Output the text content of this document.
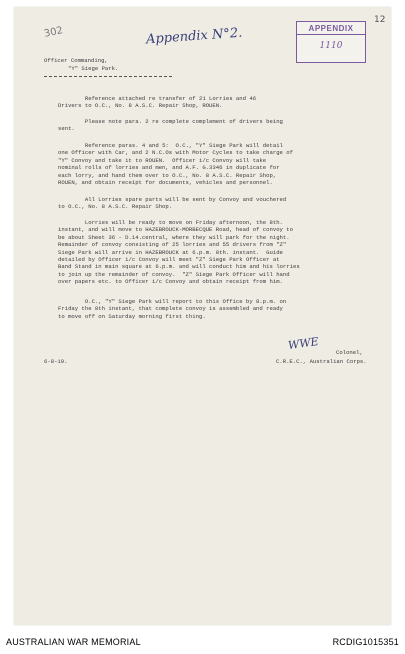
12
302	Appendix N°2.	APPENDIX
1110
Officer Commanding,
"Y" Siege Park.
Reference attached re transfer of 21 Lorries and 46
Drivers to O.C., No. 8 A.S.C. Repair Shop, ROUEN.
Please note para. 2 re complete complement of drivers being
sent.
Reference paras. 4 and 5:  O.C., "Y" Siege Park will detail
one Officer with Car, and 2 N.C.Os with Motor Cycles to take charge of
"Y" Convoy and take it to ROUEN.  Officer i/c Convoy will take
nominal rolls of lorries and men, and A.F. G.3346 in duplicate for
each lorry, and hand them over to O.C., No. 8 A.S.C. Repair Shop,
ROUEN, and obtain receipt for documents, vehicles and personnel.
All Lorries spare parts will be sent by Convoy and vouchered
to O.C., No. 8 A.S.C. Repair Shop.
Lorries will be ready to move on Friday afternoon, the 8th.
instant, and will move to HAZEBROUCK-MORBECQUE Road, head of convoy to
be about Sheet 36 - D.14.central, where they will park for the night.
Remainder of convoy consisting of 25 lorries and 55 drivers from "Z"
Siege Park will arrive in HAZEBROUCK at 6.p.m. 8th. instant.  Guide
detailed by Officer i/c Convoy will meet "Z" Siege Park Officer at
Band Stand in main square at 6.p.m. and will conduct him and his lorries
to join up the remainder of convoy.  "Z" Siege Park Officer will hand
over papers etc. to Officer i/c Convoy and obtain receipt from him.
O.C., "Y" Siege Park will report to this Office by 8.p.m. on
Friday the 8th instant, that complete convoy is assembled and ready
to move off on Saturday morning first thing.
WWE
Colonel,
C.R.E.C., Australian Corps.
6-8-19.
AUSTRALIAN WAR MEMORIAL	RCDIG1015351
